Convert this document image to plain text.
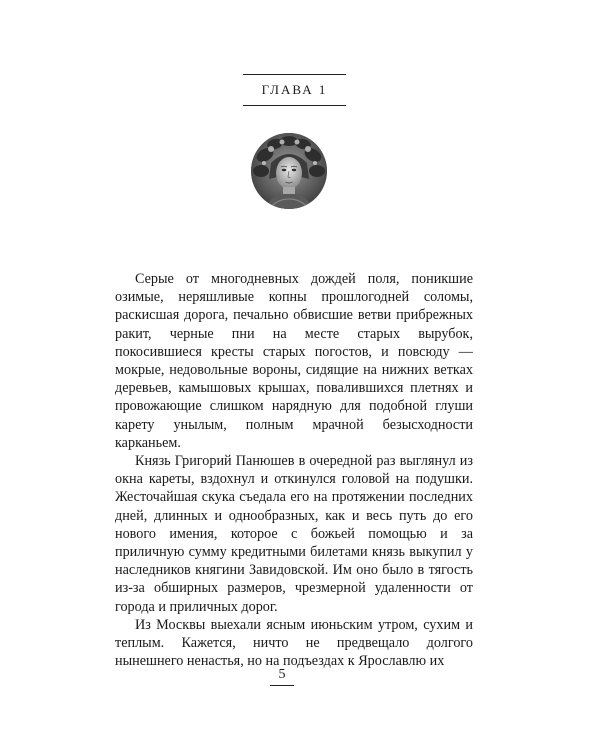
ГЛАВА 1

Серые от многодневных дождей поля, поникшие озимые, неряшливые копны прошлогодней соломы, раскисшая дорога, печально обвисшие ветви прибрежных ракит, черные пни на месте старых вырубок, покосившиеся кресты старых погостов, и повсюду — мокрые, недовольные вороны, сидящие на нижних ветках деревьев, камышовых крышах, повалившихся плетнях и провожающие слишком нарядную для подобной глуши карету унылым, полным мрачной безысходности карканьем.

Князь Григорий Панюшев в очередной раз выглянул из окна кареты, вздохнул и откинулся головой на подушки. Жесточайшая скука съедала его на протяжении последних дней, длинных и однообразных, как и весь путь до его нового имения, которое с божьей помощью и за приличную сумму кредитными билетами князь выкупил у наследников княгини Завидовской. Им оно было в тягость из-за обширных размеров, чрезмерной удаленности от города и приличных дорог.

Из Москвы выехали ясным июньским утром, сухим и теплым. Кажется, ничто не предвещало долгого нынешнего ненастья, но на подъездах к Ярославлю их

5
